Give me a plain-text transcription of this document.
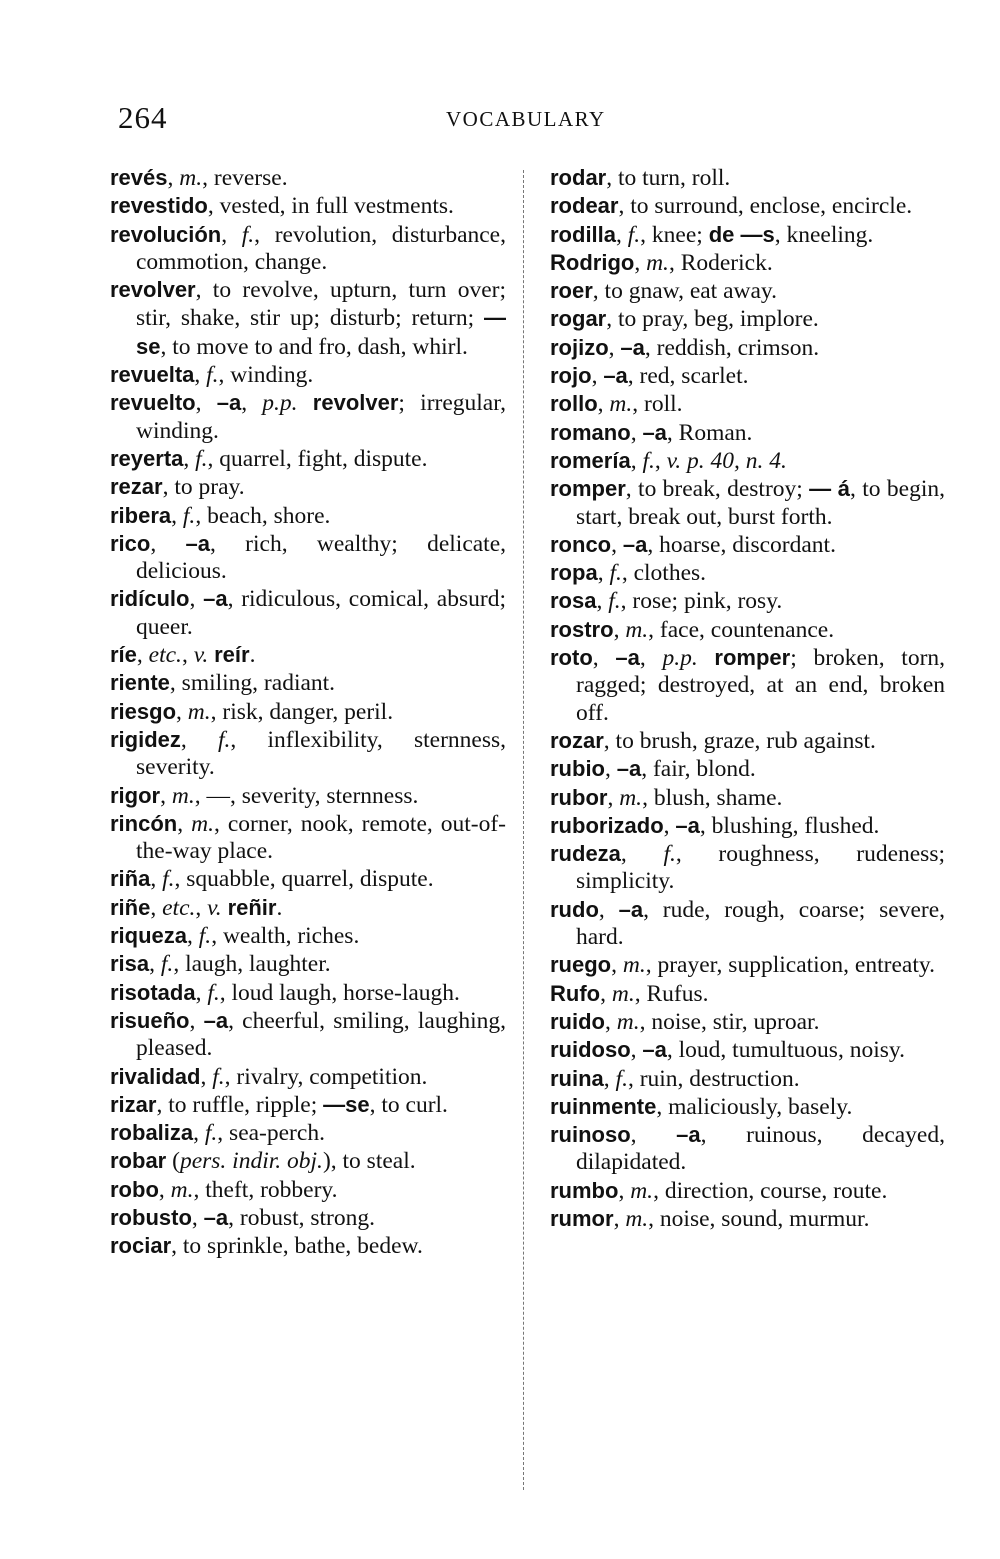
264	VOCABULARY
revés, m., reverse.
revestido, vested, in full vestments.
revolución, f., revolution, disturbance, commotion, change.
revolver, to revolve, upturn, turn over; stir, shake, stir up; disturb; return; —se, to move to and fro, dash, whirl.
revuelta, f., winding.
revuelto, –a, p.p. revolver; irregular, winding.
reyerta, f., quarrel, fight, dispute.
rezar, to pray.
ribera, f., beach, shore.
rico, –a, rich, wealthy; delicate, delicious.
ridículo, –a, ridiculous, comical, absurd; queer.
ríe, etc., v. reír.
riente, smiling, radiant.
riesgo, m., risk, danger, peril.
rigidez, f., inflexibility, sternness, severity.
rigor, m., —, severity, sternness.
rincón, m., corner, nook, remote, out-of-the-way place.
riña, f., squabble, quarrel, dispute.
riñe, etc., v. reñir.
riqueza, f., wealth, riches.
risa, f., laugh, laughter.
risotada, f., loud laugh, horse-laugh.
risueño, –a, cheerful, smiling, laughing, pleased.
rivalidad, f., rivalry, competition.
rizar, to ruffle, ripple; —se, to curl.
robaliza, f., sea-perch.
robar (pers. indir. obj.), to steal.
robo, m., theft, robbery.
robusto, –a, robust, strong.
rociar, to sprinkle, bathe, bedew.
rodar, to turn, roll.
rodear, to surround, enclose, encircle.
rodilla, f., knee; de —s, kneeling.
Rodrigo, m., Roderick.
roer, to gnaw, eat away.
rogar, to pray, beg, implore.
rojizo, –a, reddish, crimson.
rojo, –a, red, scarlet.
rollo, m., roll.
romano, –a, Roman.
romería, f., v. p. 40, n. 4.
romper, to break, destroy; — á, to begin, start, break out, burst forth.
ronco, –a, hoarse, discordant.
ropa, f., clothes.
rosa, f., rose; pink, rosy.
rostro, m., face, countenance.
roto, –a, p.p. romper; broken, torn, ragged; destroyed, at an end, broken off.
rozar, to brush, graze, rub against.
rubio, –a, fair, blond.
rubor, m., blush, shame.
ruborizado, –a, blushing, flushed.
rudeza, f., roughness, rudeness; simplicity.
rudo, –a, rude, rough, coarse; severe, hard.
ruego, m., prayer, supplication, entreaty.
Rufo, m., Rufus.
ruido, m., noise, stir, uproar.
ruidoso, –a, loud, tumultuous, noisy.
ruina, f., ruin, destruction.
ruinmente, maliciously, basely.
ruinoso, –a, ruinous, decayed, dilapidated.
rumbo, m., direction, course, route.
rumor, m., noise, sound, murmur.
